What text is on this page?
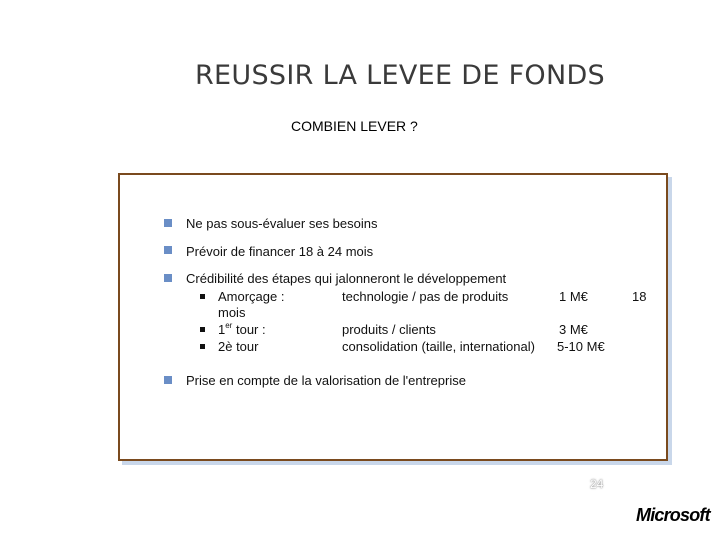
REUSSIR LA LEVEE DE FONDS
COMBIEN LEVER ?
Ne pas sous-évaluer ses besoins
Prévoir de financer 18 à 24 mois
Crédibilité des étapes qui jalonneront le développement
Amorçage :	technologie / pas de produits	1 M€	18
mois
1er tour :	produits / clients	3 M€
2è tour	consolidation (taille, international) 5-10 M€
Prise en compte de la valorisation de l'entreprise
24
Microsoft
